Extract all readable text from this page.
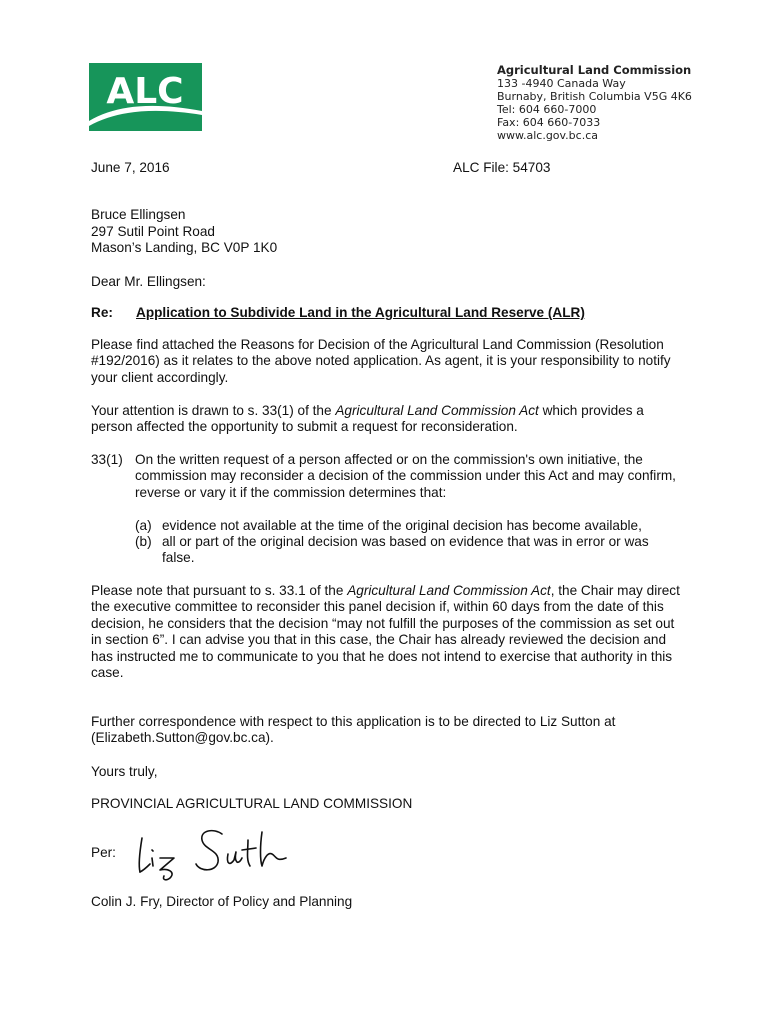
ALC
Agricultural Land Commission
133 -4940 Canada Way
Burnaby, British Columbia V5G 4K6
Tel: 604 660-7000
Fax: 604 660-7033
www.alc.gov.bc.ca
June 7, 2016	ALC File: 54703
Bruce Ellingsen
297 Sutil Point Road
Mason’s Landing, BC V0P 1K0
Dear Mr. Ellingsen:
Re: Application to Subdivide Land in the Agricultural Land Reserve (ALR)

Please find attached the Reasons for Decision of the Agricultural Land Commission (Resolution #192/2016) as it relates to the above noted application. As agent, it is your responsibility to notify your client accordingly.

Your attention is drawn to s. 33(1) of the Agricultural Land Commission Act which provides a person affected the opportunity to submit a request for reconsideration.

33(1) On the written request of a person affected or on the commission's own initiative, the commission may reconsider a decision of the commission under this Act and may confirm, reverse or vary it if the commission determines that:

(a) evidence not available at the time of the original decision has become available,

(b) all or part of the original decision was based on evidence that was in error or was false.

Please note that pursuant to s. 33.1 of the Agricultural Land Commission Act, the Chair may direct the executive committee to reconsider this panel decision if, within 60 days from the date of this decision, he considers that the decision “may not fulfill the purposes of the commission as set out in section 6”. I can advise you that in this case, the Chair has already reviewed the decision and has instructed me to communicate to you that he does not intend to exercise that authority in this case.

Further correspondence with respect to this application is to be directed to Liz Sutton at (Elizabeth.Sutton@gov.bc.ca).

Yours truly,
PROVINCIAL AGRICULTURAL LAND COMMISSION
Per:
Colin J. Fry, Director of Policy and Planning
